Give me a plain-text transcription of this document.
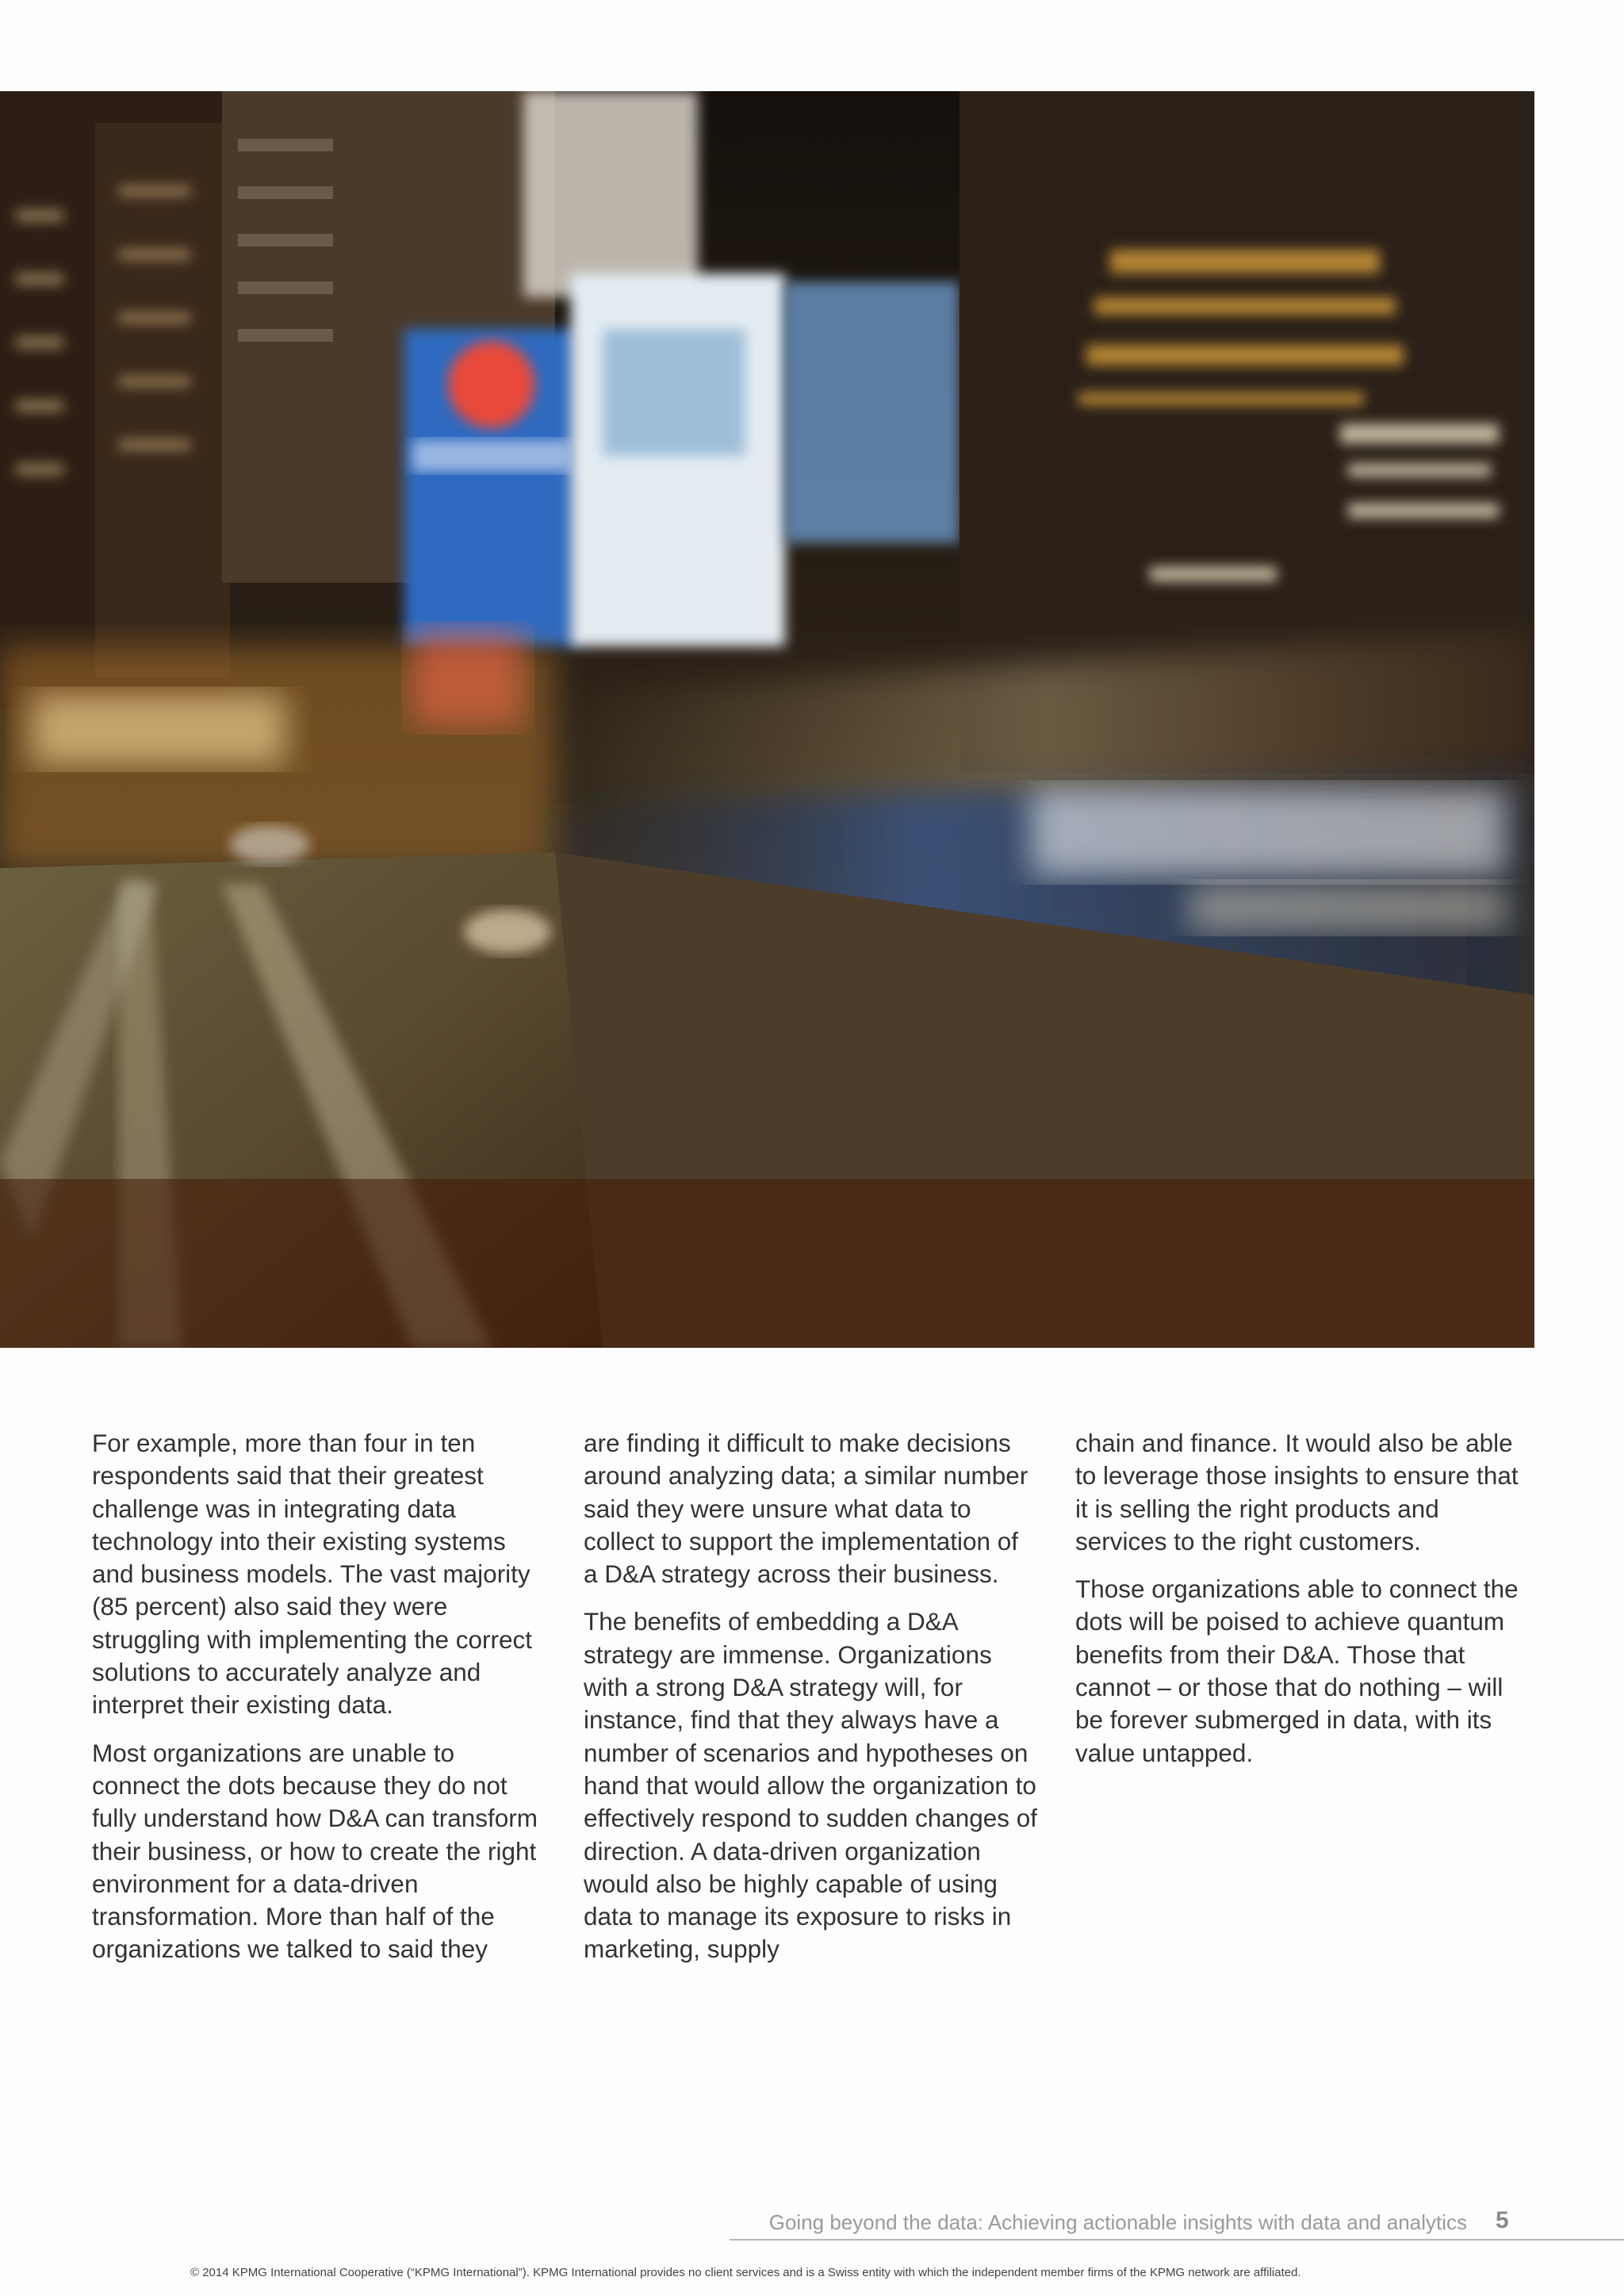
For example, more than four in ten respondents said that their greatest challenge was in integrating data technology into their existing systems and business models. The vast majority (85 percent) also said they were struggling with implementing the correct solutions to accurately analyze and interpret their existing data.

Most organizations are unable to connect the dots because they do not fully understand how D&A can transform their business, or how to create the right environment for a data-driven transformation. More than half of the organizations we talked to said they

are finding it difficult to make decisions around analyzing data; a similar number said they were unsure what data to collect to support the implementation of a D&A strategy across their business.

The benefits of embedding a D&A strategy are immense. Organizations with a strong D&A strategy will, for instance, find that they always have a number of scenarios and hypotheses on hand that would allow the organization to effectively respond to sudden changes of direction. A data-driven organization would also be highly capable of using data to manage its exposure to risks in marketing, supply

chain and finance. It would also be able to leverage those insights to ensure that it is selling the right products and services to the right customers.

Those organizations able to connect the dots will be poised to achieve quantum benefits from their D&A. Those that cannot – or those that do nothing – will be forever submerged in data, with its value untapped.

Going beyond the data: Achieving actionable insights with data and analytics 5
© 2014 KPMG International Cooperative (“KPMG International”). KPMG International provides no client services and is a Swiss entity with which the independent member firms of the KPMG network are affiliated.
